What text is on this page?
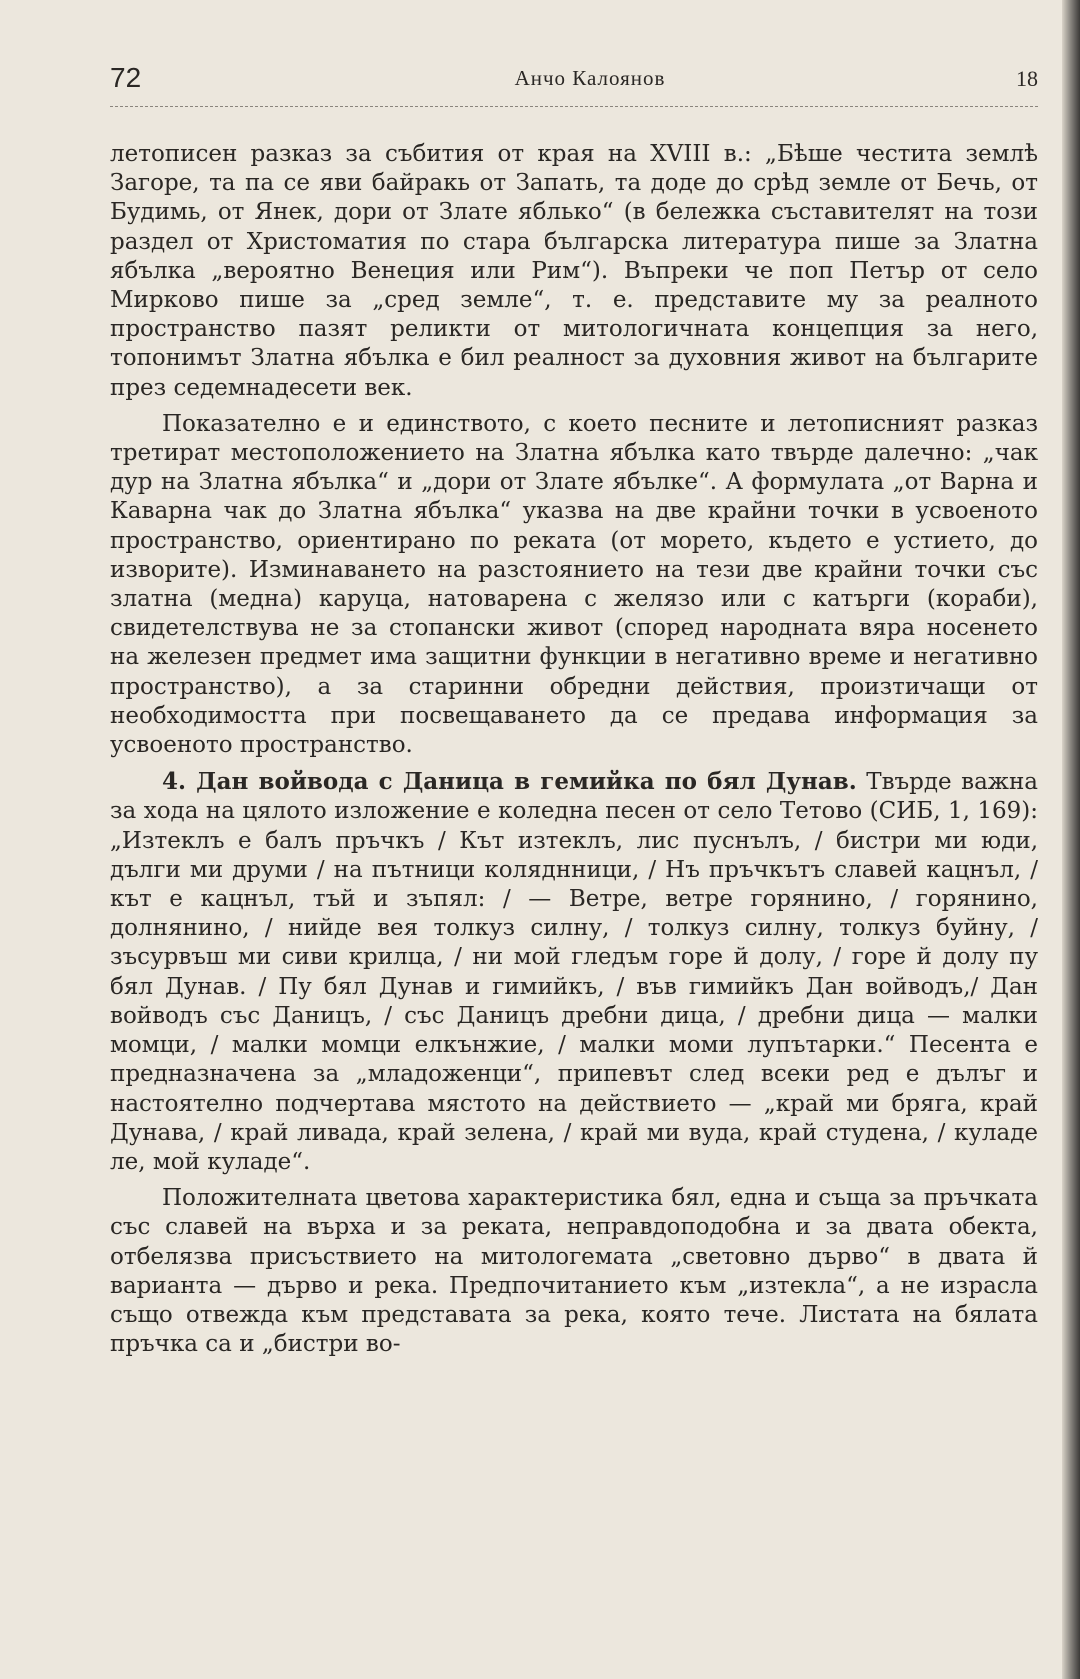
72	Анчо Калоянов	18

летописен разказ за събития от края на XVIII в.: „Бѣше честита землѣ Загоре, та па се яви байракь от Запать, та доде до срѣд земле от Бечь, от Будимь, от Янек, дори от Злате яблько“ (в бележка съставителят на този раздел от Христоматия по стара българска литература пише за Златна ябълка „вероятно Венеция или Рим“). Въпреки че поп Петър от село Мирково пише за „сред земле“, т. е. представите му за реалното пространство пазят реликти от митологичната концепция за него, топонимът Златна ябълка е бил реалност за духовния живот на българите през седемнадесети век.

Показателно е и единството, с което песните и летописният разказ третират местоположението на Златна ябълка като твърде далечно: „чак дур на Златна ябълка“ и „дори от Злате ябълке“. А формулата „от Варна и Каварна чак до Златна ябълка“ указва на две крайни точки в усвоеното пространство, ориентирано по реката (от морето, където е устието, до изворите). Изминаването на разстоянието на тези две крайни точки със златна (медна) каруца, натоварена с желязо или с катърги (кораби), свидетелствува не за стопански живот (според народната вяра носенето на железен предмет има защитни функции в негативно време и негативно пространство), а за старинни обредни действия, произтичащи от необходимостта при посвещаването да се предава информация за усвоеното пространство.

4. Дан войвода с Даница в гемийка по бял Дунав. Твърде важна за хода на цялото изложение е коледна песен от село Тетово (СИБ, 1, 169): „Изтеклъ е балъ пръчкъ / Кът изтеклъ, лис пуснълъ, / бистри ми юди, дълги ми друми / на пътници коляднници, / Нъ пръчкътъ славей кацнъл, / кът е кацнъл, тъй и зъпял: / — Ветре, ветре горянино, / горянино, долнянино, / нийде вея толкуз силну, / толкуз силну, толкуз буйну, / зъсурвъш ми сиви крилца, / ни мой гледъм горе й долу, / горе й долу пу бял Дунав. / Пу бял Дунав и гимийкъ, / във гимийкъ Дан войводъ,/ Дан войводъ със Даницъ, / със Даницъ дребни дица, / дребни дица — малки момци, / малки момци елкънжие, / малки моми лупътарки.“ Песента е предназначена за „младоженци“, припевът след всеки ред е дълъг и настоятелно подчертава мястото на действието — „край ми бряга, край Дунава, / край ливада, край зелена, / край ми вуда, край студена, / куладе ле, мой куладе“.

Положителната цветова характеристика бял, една и съща за пръчката със славей на върха и за реката, неправдоподобна и за двата обекта, отбелязва присъствието на митологемата „световно дърво“ в двата й варианта — дърво и река. Предпочитанието към „изтекла“, а не израсла също отвежда към представата за река, която тече. Листата на бялата пръчка са и „бистри во-
